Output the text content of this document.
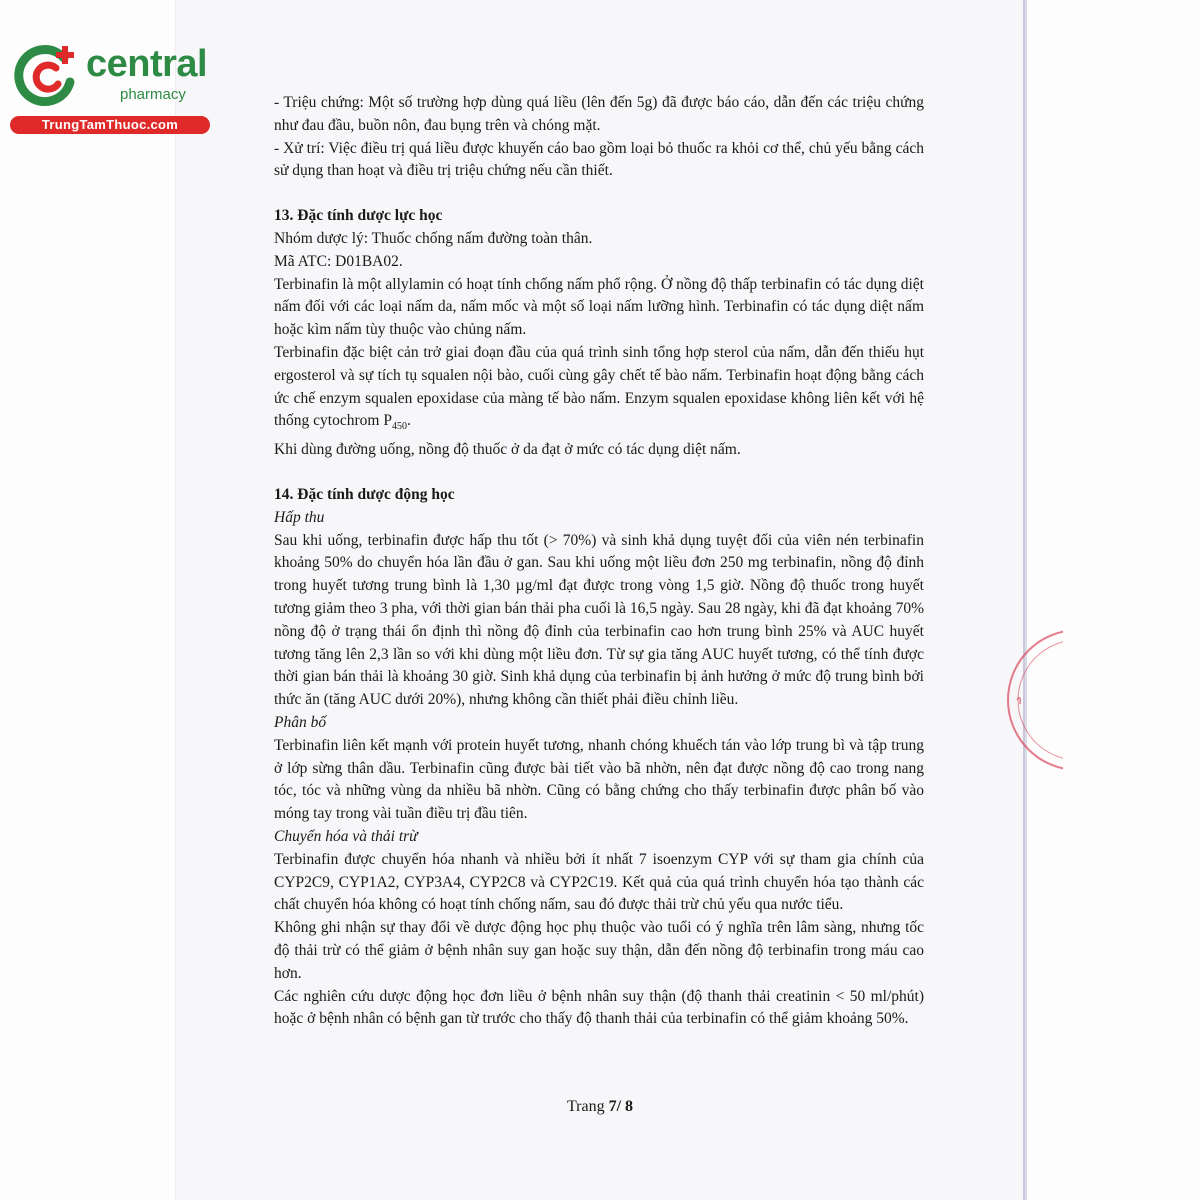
central
pharmacy
TrungTamThuoc.com

- Triệu chứng: Một số trường hợp dùng quá liều (lên đến 5g) đã được báo cáo, dẫn đến các triệu chứng như đau đầu, buồn nôn, đau bụng trên và chóng mặt.

- Xử trí: Việc điều trị quá liều được khuyến cáo bao gồm loại bỏ thuốc ra khỏi cơ thể, chủ yếu bằng cách sử dụng than hoạt và điều trị triệu chứng nếu cần thiết.

13. Đặc tính dược lực học

Nhóm dược lý: Thuốc chống nấm đường toàn thân.

Mã ATC: D01BA02.

Terbinafin là một allylamin có hoạt tính chống nấm phổ rộng. Ở nồng độ thấp terbinafin có tác dụng diệt nấm đối với các loại nấm da, nấm mốc và một số loại nấm lưỡng hình. Terbinafin có tác dụng diệt nấm hoặc kìm nấm tùy thuộc vào chủng nấm.

Terbinafin đặc biệt cản trở giai đoạn đầu của quá trình sinh tổng hợp sterol của nấm, dẫn đến thiếu hụt ergosterol và sự tích tụ squalen nội bào, cuối cùng gây chết tế bào nấm. Terbinafin hoạt động bằng cách ức chế enzym squalen epoxidase của màng tế bào nấm. Enzym squalen epoxidase không liên kết với hệ thống cytochrom $P_{450}$.

Khi dùng đường uống, nồng độ thuốc ở da đạt ở mức có tác dụng diệt nấm.

14. Đặc tính dược động học

Hấp thu

Sau khi uống, terbinafin được hấp thu tốt (> 70%) và sinh khả dụng tuyệt đối của viên nén terbinafin khoảng 50% do chuyển hóa lần đầu ở gan. Sau khi uống một liều đơn 250 mg terbinafin, nồng độ đỉnh trong huyết tương trung bình là 1,30 µg/ml đạt được trong vòng 1,5 giờ. Nồng độ thuốc trong huyết tương giảm theo 3 pha, với thời gian bán thải pha cuối là 16,5 ngày. Sau 28 ngày, khi đã đạt khoảng 70% nồng độ ở trạng thái ổn định thì nồng độ đỉnh của terbinafin cao hơn trung bình 25% và AUC huyết tương tăng lên 2,3 lần so với khi dùng một liều đơn. Từ sự gia tăng AUC huyết tương, có thể tính được thời gian bán thải là khoảng 30 giờ. Sinh khả dụng của terbinafin bị ảnh hưởng ở mức độ trung bình bởi thức ăn (tăng AUC dưới 20%), nhưng không cần thiết phải điều chỉnh liều.

Phân bố

Terbinafin liên kết mạnh với protein huyết tương, nhanh chóng khuếch tán vào lớp trung bì và tập trung ở lớp sừng thân dầu. Terbinafin cũng được bài tiết vào bã nhờn, nên đạt được nồng độ cao trong nang tóc, tóc và những vùng da nhiều bã nhờn. Cũng có bằng chứng cho thấy terbinafin được phân bố vào móng tay trong vài tuần điều trị đầu tiên.

Chuyển hóa và thải trừ

Terbinafin được chuyển hóa nhanh và nhiều bởi ít nhất 7 isoenzym CYP với sự tham gia chính của CYP2C9, CYP1A2, CYP3A4, CYP2C8 và CYP2C19. Kết quả của quá trình chuyển hóa tạo thành các chất chuyển hóa không có hoạt tính chống nấm, sau đó được thải trừ chủ yếu qua nước tiểu.

Không ghi nhận sự thay đổi về dược động học phụ thuộc vào tuổi có ý nghĩa trên lâm sàng, nhưng tốc độ thải trừ có thể giảm ở bệnh nhân suy gan hoặc suy thận, dẫn đến nồng độ terbinafin trong máu cao hơn.

Các nghiên cứu dược động học đơn liều ở bệnh nhân suy thận (độ thanh thải creatinin < 50 ml/phút) hoặc ở bệnh nhân có bệnh gan từ trước cho thấy độ thanh thải của terbinafin có thể giảm khoảng 50%.

Trang 7/ 8
